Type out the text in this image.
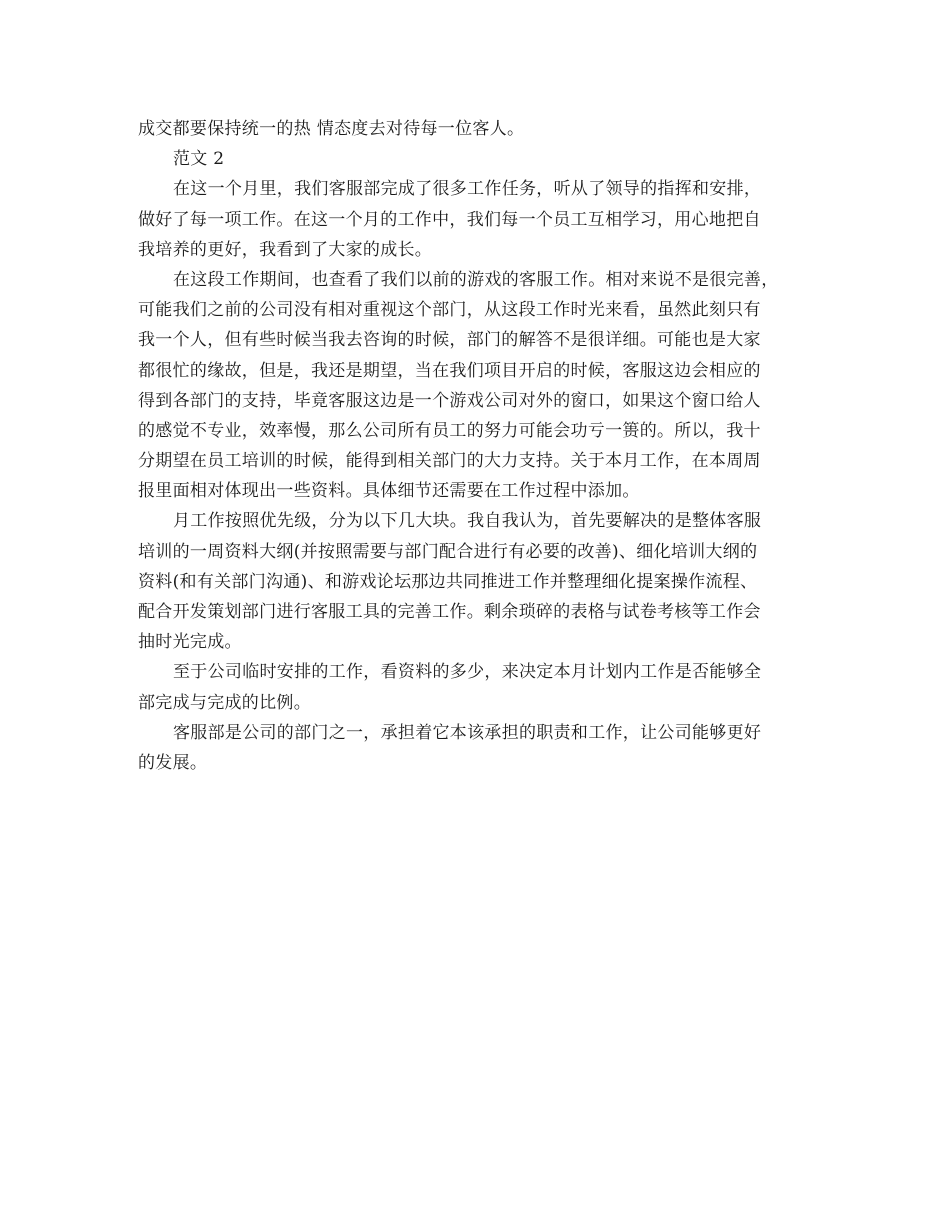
成交都要保持统一的热 情态度去对待每一位客人。
范文 2
在这一个月里，我们客服部完成了很多工作任务，听从了领导的指挥和安排，
做好了每一项工作。在这一个月的工作中，我们每一个员工互相学习，用心地把自
我培养的更好，我看到了大家的成长。
在这段工作期间，也查看了我们以前的游戏的客服工作。相对来说不是很完善，
可能我们之前的公司没有相对重视这个部门，从这段工作时光来看，虽然此刻只有
我一个人，但有些时候当我去咨询的时候，部门的解答不是很详细。可能也是大家
都很忙的缘故，但是，我还是期望，当在我们项目开启的时候，客服这边会相应的
得到各部门的支持，毕竟客服这边是一个游戏公司对外的窗口，如果这个窗口给人
的感觉不专业，效率慢，那么公司所有员工的努力可能会功亏一篑的。所以，我十
分期望在员工培训的时候，能得到相关部门的大力支持。关于本月工作，在本周周
报里面相对体现出一些资料。具体细节还需要在工作过程中添加。
月工作按照优先级，分为以下几大块。我自我认为，首先要解决的是整体客服
培训的一周资料大纲(并按照需要与部门配合进行有必要的改善)、细化培训大纲的
资料(和有关部门沟通)、和游戏论坛那边共同推进工作并整理细化提案操作流程、
配合开发策划部门进行客服工具的完善工作。剩余琐碎的表格与试卷考核等工作会
抽时光完成。
至于公司临时安排的工作，看资料的多少，来决定本月计划内工作是否能够全
部完成与完成的比例。
客服部是公司的部门之一，承担着它本该承担的职责和工作，让公司能够更好
的发展。
